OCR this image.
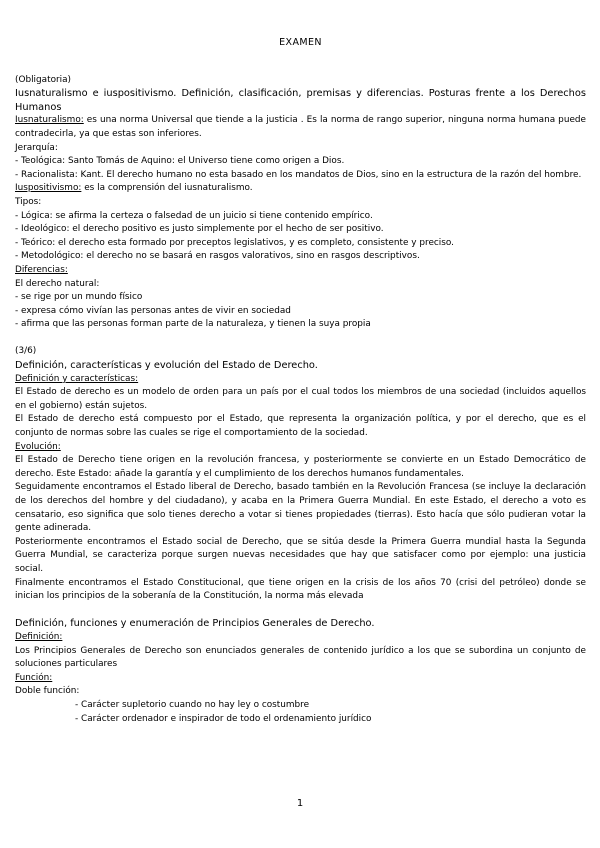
EXAMEN

(Obligatoria)

Iusnaturalismo e iuspositivismo. Definición, clasificación, premisas y diferencias. Posturas frente a los Derechos Humanos

Iusnaturalismo: es una norma Universal que tiende a la justicia . Es la norma de rango superior, ninguna norma humana puede contradecirla, ya que estas son inferiores.

Jerarquía:

- Teológica: Santo Tomás de Aquino: el Universo tiene como origen a Dios.

- Racionalista: Kant. El derecho humano no esta basado en los mandatos de Dios, sino en la estructura de la razón del hombre.

Iuspositivismo: es la comprensión del iusnaturalismo.

Tipos:

- Lógica: se afirma la certeza o falsedad de un juicio si tiene contenido empírico.

- Ideológico: el derecho positivo es justo simplemente por el hecho de ser positivo.

- Teórico: el derecho esta formado por preceptos legislativos, y es completo, consistente y preciso.

- Metodológico: el derecho no se basará en rasgos valorativos, sino en rasgos descriptivos.

Diferencias:

El derecho natural:

- se rige por un mundo físico

- expresa cómo vivían las personas antes de vivir en sociedad

- afirma que las personas forman parte de la naturaleza, y tienen la suya propia

(3/6)

Definición, características y evolución del Estado de Derecho.

Definición y características:

El Estado de derecho es un modelo de orden para un país por el cual todos los miembros de una sociedad (incluidos aquellos en el gobierno) están sujetos.

El Estado de derecho está compuesto por el Estado, que representa la organización política, y por el derecho, que es el conjunto de normas sobre las cuales se rige el comportamiento de la sociedad.

Evolución:

El Estado de Derecho tiene origen en la revolución francesa, y posteriormente se convierte en un Estado Democrático de derecho. Este Estado: añade la garantía y el cumplimiento de los derechos humanos fundamentales.

Seguidamente encontramos el Estado liberal de Derecho, basado también en la Revolución Francesa (se incluye la declaración de los derechos del hombre y del ciudadano), y acaba en la Primera Guerra Mundial. En este Estado, el derecho a voto es censatario, eso significa que solo tienes derecho a votar si tienes propiedades (tierras). Esto hacía que sólo pudieran votar la gente adinerada.

Posteriormente encontramos el Estado social de Derecho, que se sitúa desde la Primera Guerra mundial hasta la Segunda Guerra Mundial, se caracteriza porque surgen nuevas necesidades que hay que satisfacer como por ejemplo: una justicia social.

Finalmente encontramos el Estado Constitucional, que tiene origen en la crisis de los años 70 (crisi del petróleo) donde se inician los principios de la soberanía de la Constitución, la norma más elevada

Definición, funciones y enumeración de Principios Generales de Derecho.

Definición:

Los Principios Generales de Derecho son enunciados generales de contenido jurídico a los que se subordina un conjunto de soluciones particulares

Función:

Doble función:

- Carácter supletorio cuando no hay ley o costumbre

- Carácter ordenador e inspirador de todo el ordenamiento jurídico

1
